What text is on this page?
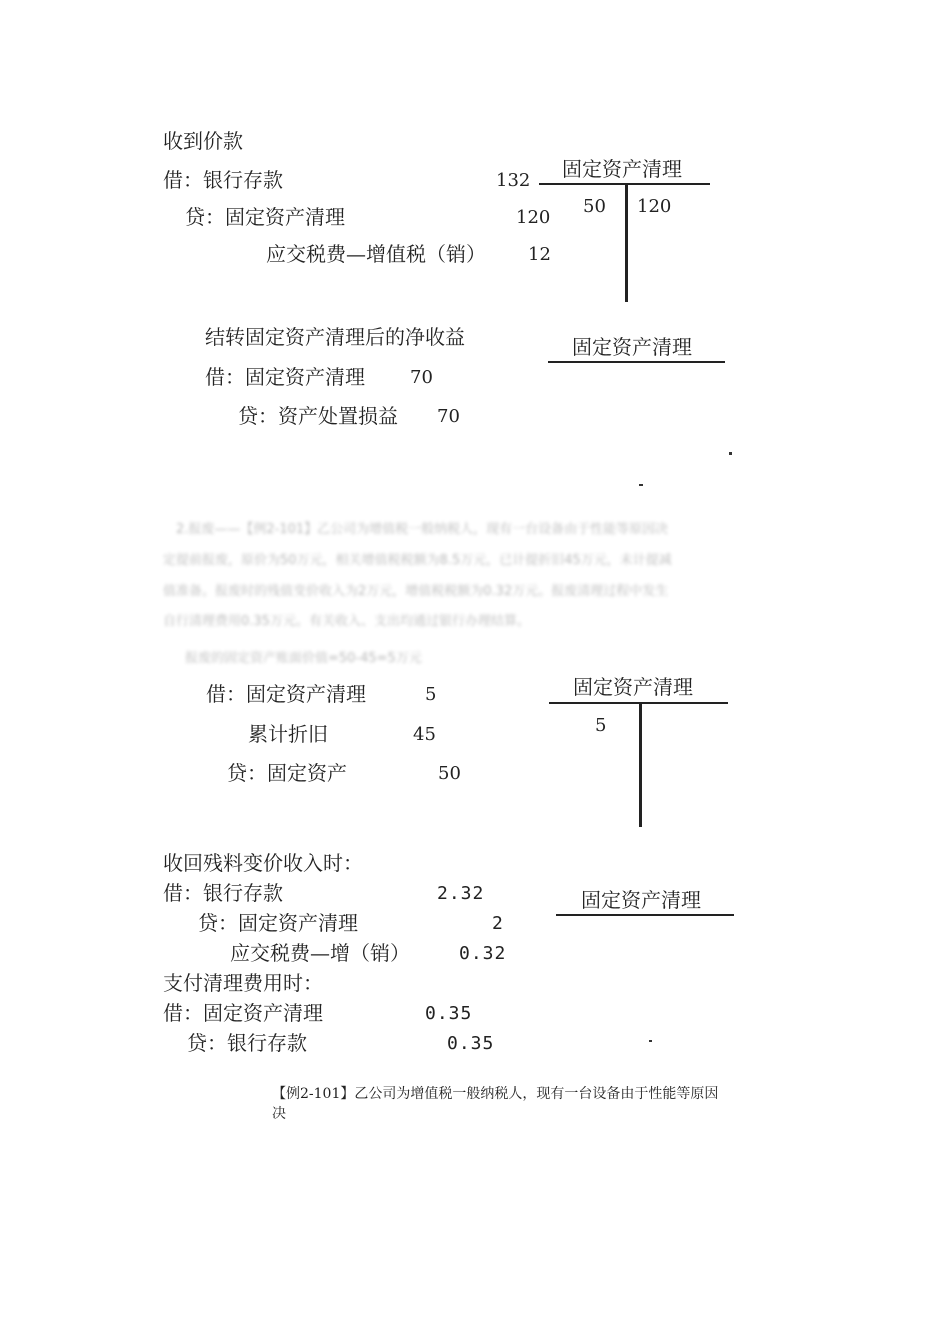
收到价款
借：银行存款	132
贷：固定资产清理	120
应交税费—增值税（销） 12
固定资产清理
50 120
结转固定资产清理后的净收益
借：固定资产清理	70
贷：资产处置损益 70
固定资产清理
2.报废——【例2-101】乙公司为增值税一般纳税人，现有一台设备由于性能等原因决
定提前报废，原价为50万元，相关增值税税额为8.5万元，已计提折旧45万元，未计提减
值准备。报废时的残值变价收入为2万元，增值税税额为0.32万元。报废清理过程中发生
自行清理费用0.35万元。有关收入、支出均通过银行办理结算。
报废的固定资产账面价值=50-45=5万元
借：固定资产清理	5
累计折旧	45
贷：固定资产	50
固定资产清理
5
收回残料变价收入时：
借：银行存款	2.32
贷：固定资产清理	2
应交税费—增（销）	0.32
固定资产清理
支付清理费用时：
借：固定资产清理	0.35
贷：银行存款	0.35
【例2-101】乙公司为增值税一般纳税人，现有一台设备由于性能等原因
决
